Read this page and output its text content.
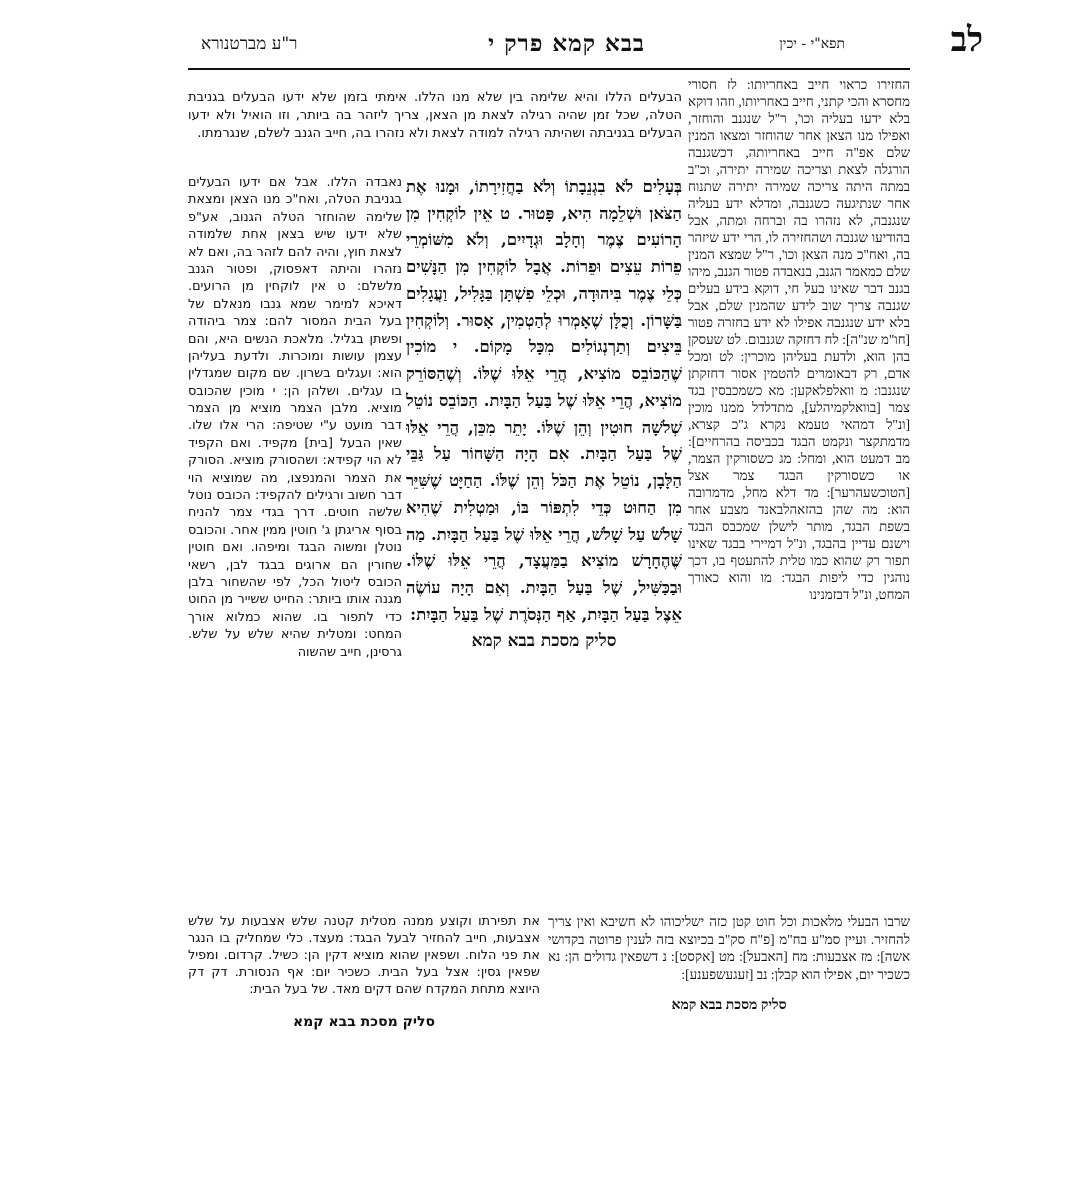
לב
תפא"י - יכין
בבא קמא פרק י
ר"ע מברטנורא

החזירו כראוי חייב באחריותו: לז חסורי מחסרא והכי קתני, חייב באחריותו, וזהו דוקא בלא ידעו בעליה וכו', ר"ל שנגנב והוחזר, ואפילו מנו הצאן אחר שהוחזר ומצאו המנין שלם אפ"ה חייב באחריותה, דכשגנבה הורגלה לצאת וצריכה שמירה יתירה, וכ"ב במתה היתה צריכה שמירה יתירה שתנוח אחר שנתיגעה כשגנבה, ומדלא ידע בעליה שנגנבה, לא נזהרו בה וברחה ומתה, אבל בהודיעו שגנבה ושהחזירה לו, הרי ידע שיזהר בה, ואח"כ מנה הצאן וכו', ר"ל שמצא המנין שלם כמאמר הגנב, בנאבדה פטור הגנב, מיהו בגנב דבר שאינו בעל חי, דוקא בידע בעלים שגנבה צריך שוב לידע שהמנין שלם, אבל בלא ידע שנגנבה אפילו לא ידע בחזרה פטור [חו"מ שנ"ה]: לח דחזקה שגנבום. לט שעסקן בהן הוא, ולדעת בעליהן מוכרין: לט ומכל אדם, רק דבאומרים להטמין אסור דחזקתן שנגנבו: מ וואלפלאקען: מא כשמכבסין בגד צמר [בוואלקמיהלע], מתדלדל ממנו מוכין [ונ"ל דמהאי טעמא נקרא ג"כ קצרא, מדמתקצר ונקמט הבגד בכביסה בהרחיים]: מב דמעט הוא, ומחל: מג כשסורקין הצמר, או כשסורקין הבגד צמר אצל [הטוכשעהרער]: מד דלא מחל, מדמרובה הוא: מה שהן בהזאהלבאנד מצבע אחר בשפת הבגד, מותר לישלן שמכבס הבגד וישנם עדיין בהבגד, ונ"ל דמיירי בבגד שאינו תפור רק שהוא כמו טלית להתעטף בו, דכך נוהגין כדי ליפות הבגד: מו והוא כאורך המחט, ונ"ל דבזמנינו

הבעלים הללו והיא שלימה בין שלא מנו הללו. אימתי בזמן שלא ידעו הבעלים בגניבת הטלה, שכל זמן שהיה רגילה לצאת מן הצאן, צריך ליזהר בה ביותר, וזו הואיל ולא ידעו הבעלים בגניבתה ושהיתה רגילה למודה לצאת ולא נזהרו בה, חייב הגנב לשלם, שנגרמתו.

בְּעָלִים לֹא בִגְנֵבָתוֹ וְלֹא בַחֲזִירָתוֹ, וּמָנוּ אֶת הַצֹּאן וּשְׁלֵמָה הִיא, פָּטוּר. ט אֵין לוֹקְחִין מִן הָרוֹעִים צֶמֶר וְחָלָב וּגְדָיִים, וְלֹא מִשּׁוֹמְרֵי פֵרוֹת עֵצִים וּפֵרוֹת. אֲבָל לוֹקְחִין מִן הַנָּשִׁים כְּלֵי צֶמֶר בִּיהוּדָה, וּכְלֵי פִשְׁתָּן בַּגָּלִיל, וַעֲגָלִים בַּשָּׁרוֹן. וְכֻלָּן שֶׁאָמְרוּ לְהַטְמִין, אָסוּר. וְלוֹקְחִין בֵּיצִים וְתַרְנְגוֹלִים מִכָּל מָקוֹם. י מוֹכִין שֶׁהַכּוֹבֵס מוֹצִיא, הֲרֵי אֵלּוּ שֶׁלּוֹ. וְשֶׁהַסּוֹרֵק מוֹצִיא, הֲרֵי אֵלּוּ שֶׁל בַּעַל הַבָּיִת. הַכּוֹבֵס נוֹטֵל שְׁלֹשָׁה חוּטִין וְהֵן שֶׁלּוֹ. יָתֵר מִכֵּן, הֲרֵי אֵלּוּ שֶׁל בַּעַל הַבָּיִת. אִם הָיָה הַשָּׁחוֹר עַל גַּבֵּי הַלָּבָן, נוֹטֵל אֶת הַכֹּל וְהֵן שֶׁלּוֹ. הַחַיָּט שֶׁשִּׁיֵּר מִן הַחוּט כְּדֵי לִתְפּוֹר בּוֹ, וּמַטְלִית שֶׁהִיא שָׁלֹשׁ עַל שָׁלֹשׁ, הֲרֵי אֵלּוּ שֶׁל בַּעַל הַבָּיִת. מַה שֶּׁהֶחָרָשׁ מוֹצִיא בַמַּעֲצָד, הֲרֵי אֵלּוּ שֶׁלּוֹ. וּבַכַּשִּׁיל, שֶׁל בַּעַל הַבָּיִת. וְאִם הָיָה עוֹשֶׂה אֵצֶל בַּעַל הַבָּיִת, אַף הַנְּסֹרֶת שֶׁל בַּעַל הַבָּיִת:

סליק מסכת בבא קמא

נאבדה הללו. אבל אם ידעו הבעלים בגניבת הטלה, ואח"כ מנו הצאן ומצאת שלימה שהוחזר הטלה הגנוב, אע"פ שלא ידעו שיש בצאן אחת שלמודה לצאת חוץ, והיה להם לזהר בה, ואם לא נזהרו והיתה דאפסוק, ופטור הגנב מלשלם: ט אין לוקחין מן הרועים. דאיכא למימר שמא גנבו מנאלם של בעל הבית המסור להם: צמר ביהודה ופשתן בגליל. מלאכת הנשים היא, והם עצמן עושות ומוכרות. ולדעת בעליהן הוא: ועגלים בשרון. שם מקום שמגדלין בו עגלים. ושלהן הן: י מוכין שהכובס מוציא. מלבן הצמר מוציא מן הצמר דבר מועט ע"י שטיפה: הרי אלו שלו. שאין הבעל [בית] מקפיד. ואם הקפיד לא הוי קפידא: ושהסורק מוציא. הסורק את הצמר והמנפצו, מה שמוציא הוי דבר חשוב ורגילים להקפיד: הכובס נוטל שלשה חוטים. דרך בגדי צמר להניח בסוף אריגתן ג' חוטין ממין אחר. והכובס נוטלן ומשוה הבגד ומיפהו. ואם חוטין שחורין הם ארוגים בבגד לבן, רשאי הכובס ליטול הכל, לפי שהשחור בלבן מגנה אותו ביותר: החייט ששייר מן החוט כדי לתפור בו. שהוא כמלוא אורך המחט: ומטלית שהיא שלש על שלש. גרסינן, חייב שהשוה

שרבו הבעלי מלאכות וכל חוט קטן כזה ישליכוהו לא חשיבא ואין צריך להחזיר. ועיין סמ"ע בח"מ [פ"ח סק"ב בכיוצא בזה לענין פרוטה בקדושי אשה]: מז אצבעות: מח [האבעל]: מט [אקסט]: נ דשפאין גדולים הן: נא כשכיר יום, אפילו הוא קבלן: נב [זעגעשפענע]:

סליק מסכת בבא קמא

את תפירתו וקוצע ממנה מטלית קטנה שלש אצבעות על שלש אצבעות, חייב להחזיר לבעל הבגד: מעצד. כלי שמחליק בו הנגר את פני הלוח. ושפאין שהוא מוציא דקין הן: כשיל. קרדום. ומפיל שפאין גסין: אצל בעל הבית. כשכיר יום: אף הנסורת. דק דק היוצא מתחת המקדח שהם דקים מאד. של בעל הבית:

סליק מסכת בבא קמא
